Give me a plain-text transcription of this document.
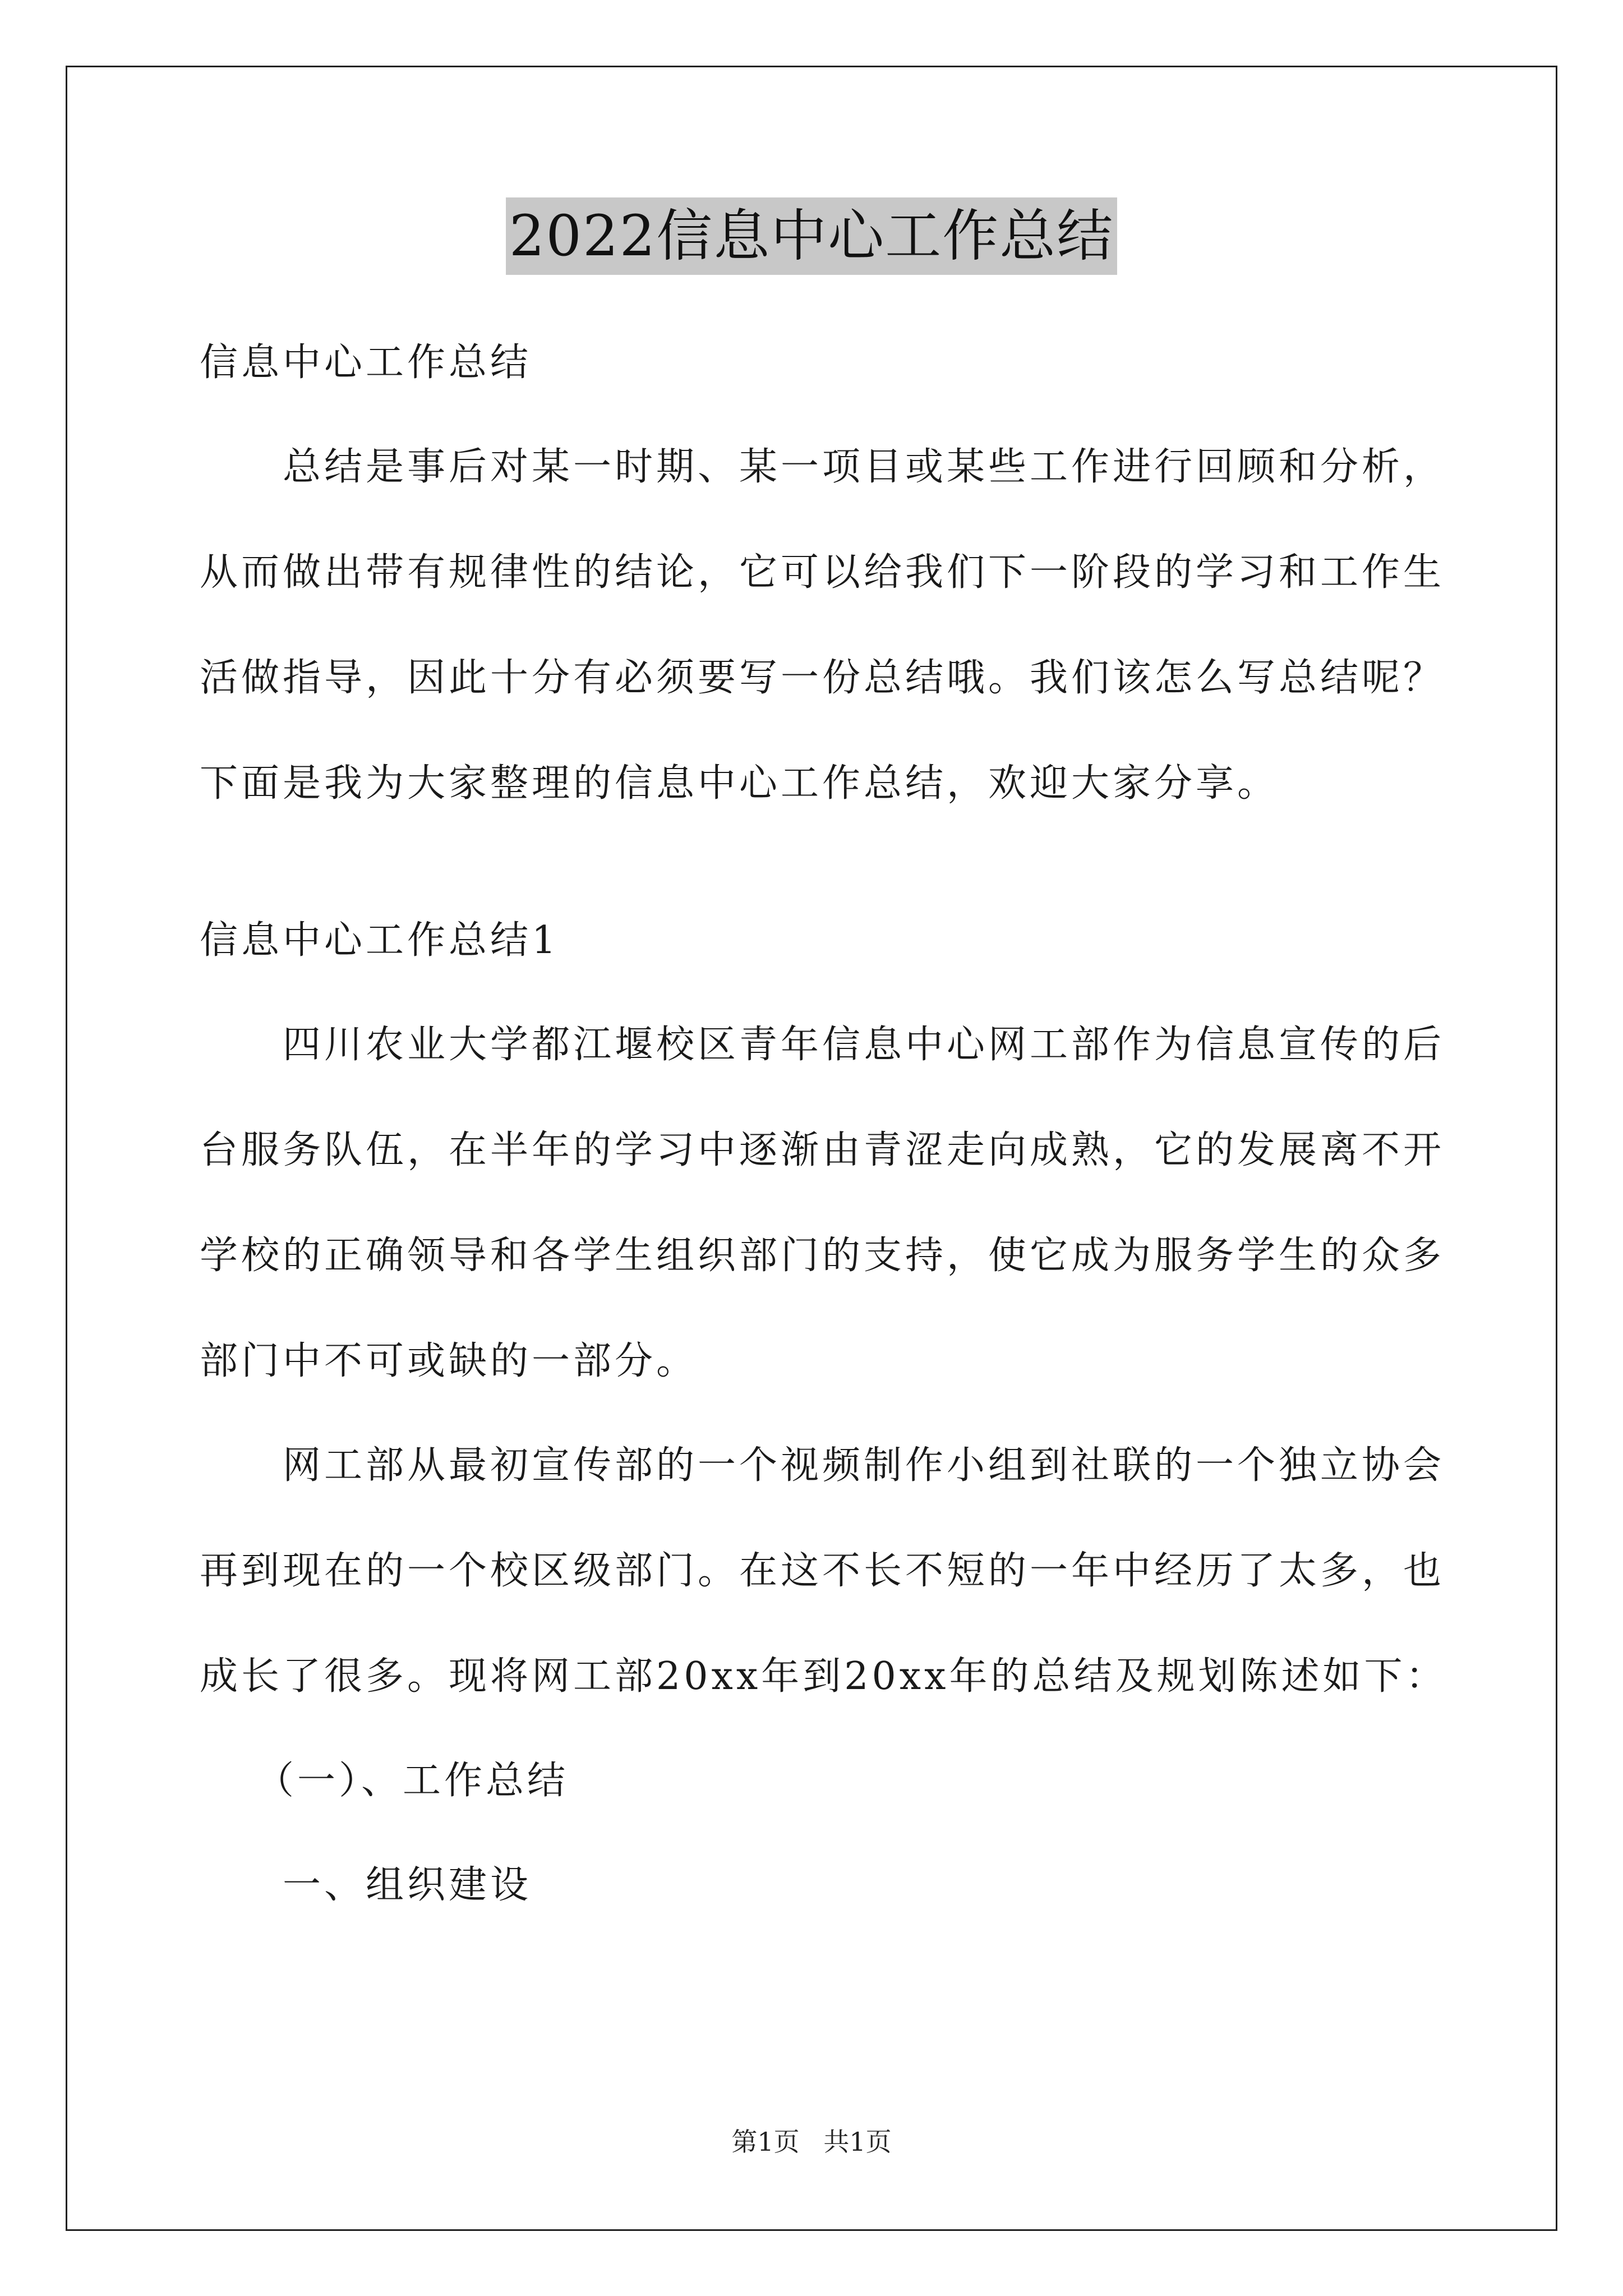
2022信息中心工作总结

信息中心工作总结

总结是事后对某一时期、某一项目或某些工作进行回顾和分析，

从而做出带有规律性的结论，它可以给我们下一阶段的学习和工作生

活做指导，因此十分有必须要写一份总结哦。我们该怎么写总结呢？

下面是我为大家整理的信息中心工作总结，欢迎大家分享。

信息中心工作总结1

四川农业大学都江堰校区青年信息中心网工部作为信息宣传的后

台服务队伍，在半年的学习中逐渐由青涩走向成熟，它的发展离不开

学校的正确领导和各学生组织部门的支持，使它成为服务学生的众多

部门中不可或缺的一部分。

网工部从最初宣传部的一个视频制作小组到社联的一个独立协会

再到现在的一个校区级部门。在这不长不短的一年中经历了太多，也

成长了很多。现将网工部20xx年到20xx年的总结及规划陈述如下：

（一）、工作总结

一、组织建设

第1页 共1页
